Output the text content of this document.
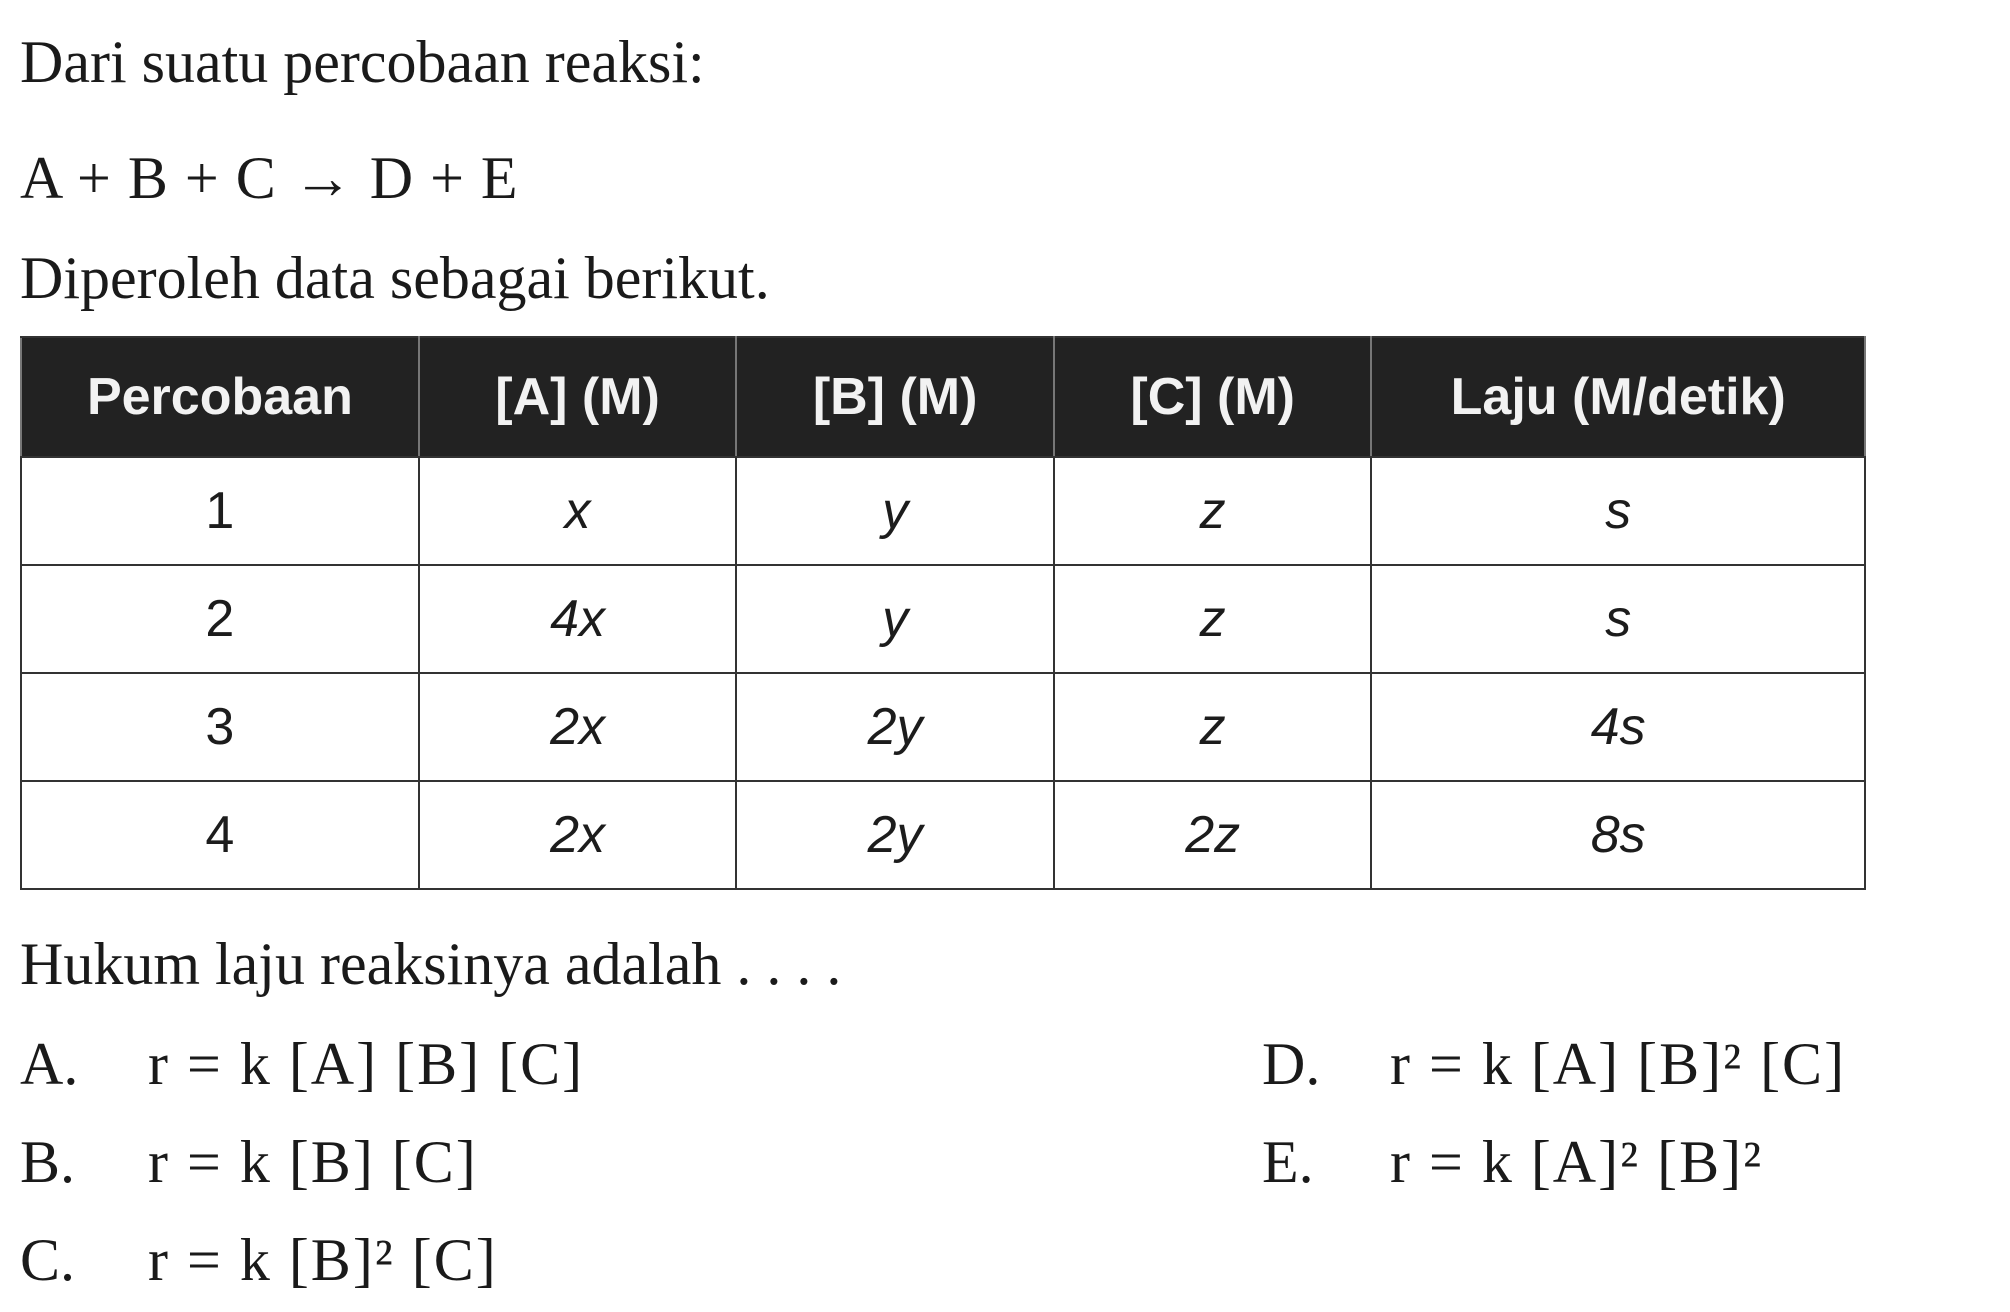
Dari suatu percobaan reaksi:
A + B + C → D + E
Diperoleh data sebagai berikut.
Percobaan	[A] (M)	[B] (M)	[C] (M)	Laju (M/detik)
1	x	y	z	s
2	4x	y	z	s
3	2x	2y	z	4s
4	2x	2y	2z	8s
Hukum laju reaksinya adalah . . . .
A. r = k [A] [B] [C]
B. r = k [B] [C]
C. r = k [B]² [C]
D. r = k [A] [B]² [C]
E. r = k [A]² [B]²
